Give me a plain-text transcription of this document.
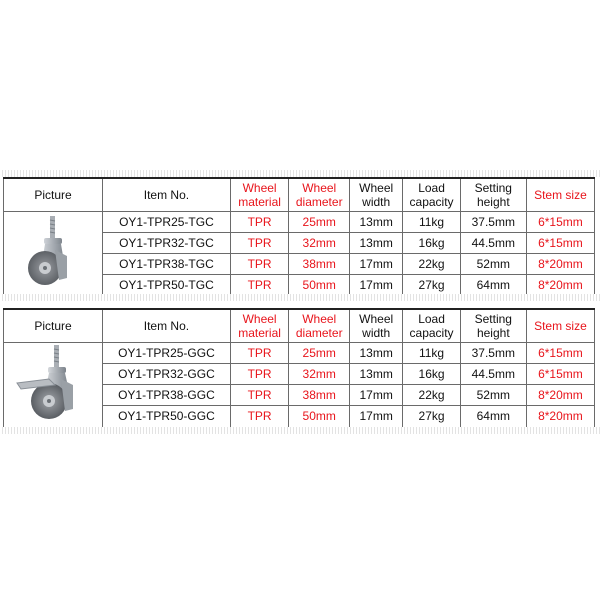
Picture	Item No.	Wheel material	Wheel diameter	Wheel width	Load capacity	Setting height	Stem size

	OY1-TPR25-TGC	TPR	25mm	13mm	11kg	37.5mm	6*15mm
	OY1-TPR32-TGC	TPR	32mm	13mm	16kg	44.5mm	6*15mm
	OY1-TPR38-TGC	TPR	38mm	17mm	22kg	52mm	8*20mm
	OY1-TPR50-TGC	TPR	50mm	17mm	27kg	64mm	8*20mm
Picture	Item No.	Wheel material	Wheel diameter	Wheel width	Load capacity	Setting height	Stem size

	OY1-TPR25-GGC	TPR	25mm	13mm	11kg	37.5mm	6*15mm
	OY1-TPR32-GGC	TPR	32mm	13mm	16kg	44.5mm	6*15mm
	OY1-TPR38-GGC	TPR	38mm	17mm	22kg	52mm	8*20mm
	OY1-TPR50-GGC	TPR	50mm	17mm	27kg	64mm	8*20mm
